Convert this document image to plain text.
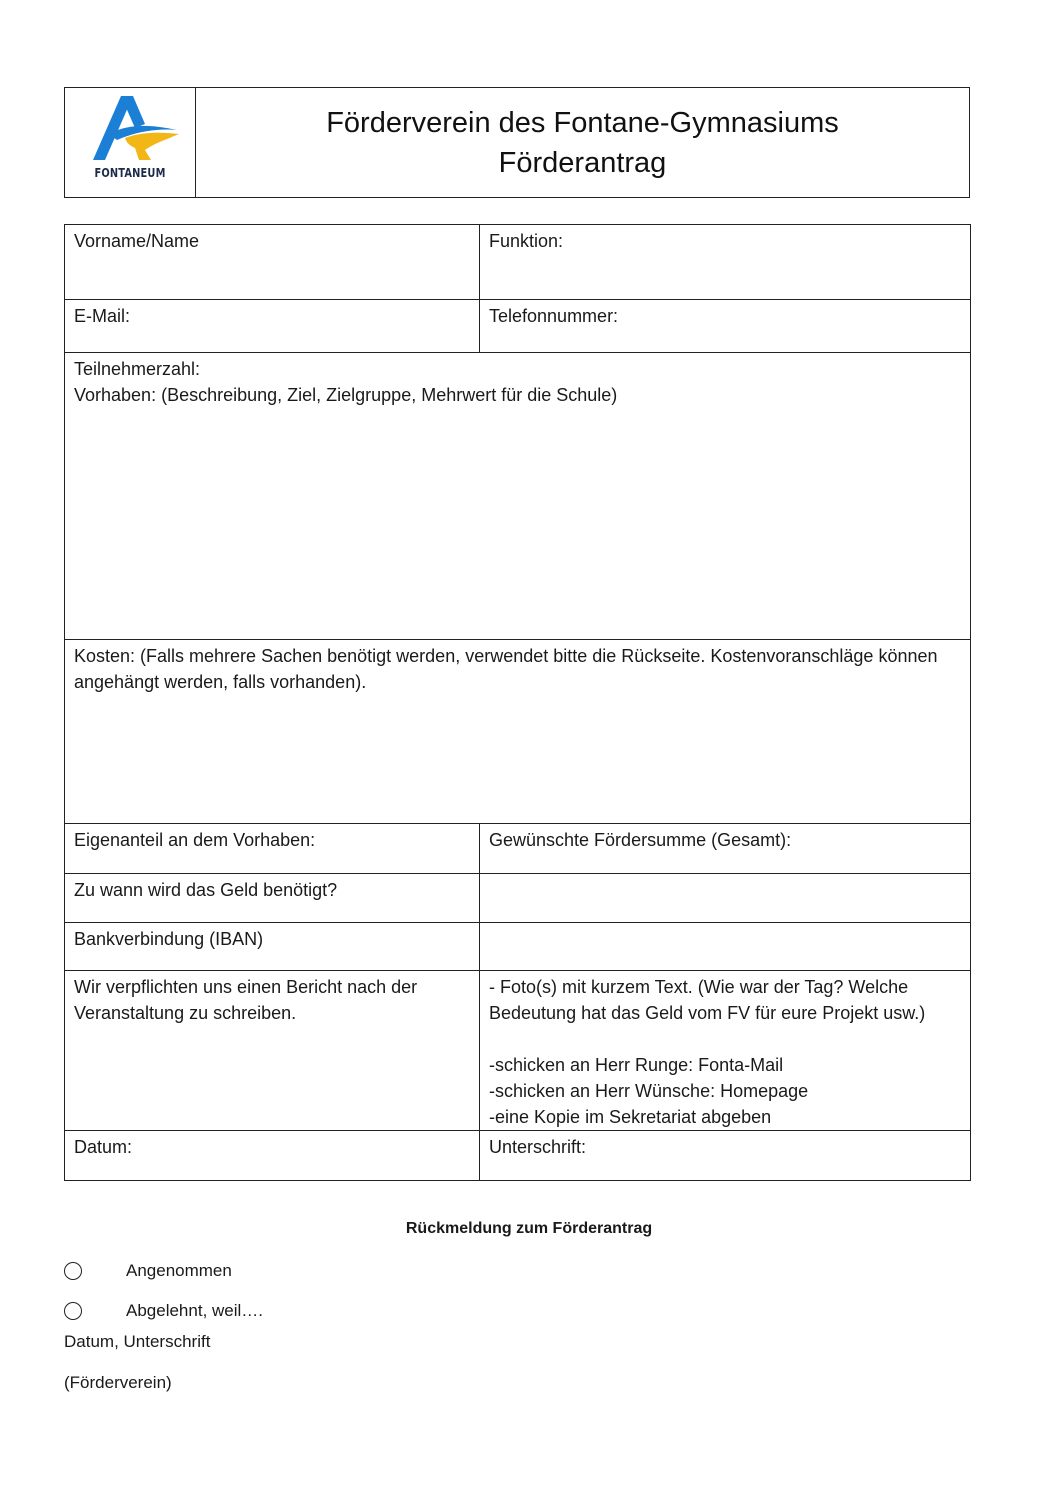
FONTANEUM
Förderverein des Fontane-Gymnasiums
Förderantrag
Vorname/Name	Funktion:
E-Mail:	Telefonnummer:

Teilnehmerzahl:
Vorhaben: (Beschreibung, Ziel, Zielgruppe, Mehrwert für die Schule)	

Kosten: (Falls mehrere Sachen benötigt werden, verwendet bitte die Rückseite. Kostenvoranschläge können angehängt werden, falls vorhanden).	

Eigenanteil an dem Vorhaben:	Gewünschte Fördersumme (Gesamt):
Zu wann wird das Geld benötigt?	
Bankverbindung (IBAN)	
Wir verpflichten uns einen Bericht nach der Veranstaltung zu schreiben.	- Foto(s) mit kurzem Text. (Wie war der Tag? Welche Bedeutung hat das Geld vom FV für eure Projekt usw.)
-schicken an Herr Runge: Fonta-Mail
-schicken an Herr Wünsche: Homepage
-eine Kopie im Sekretariat abgeben

Datum:	Unterschrift:
Rückmeldung zum Förderantrag
Angenommen
Abgelehnt, weil….
Datum, Unterschrift
(Förderverein)
